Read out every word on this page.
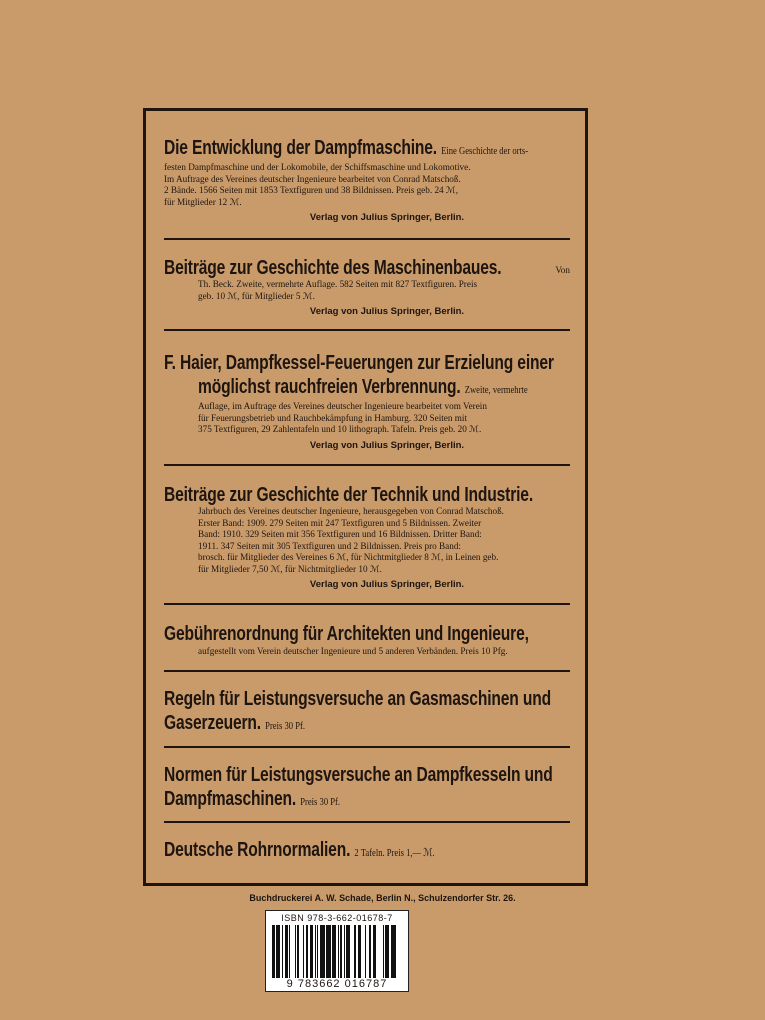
Die Entwicklung der Dampfmaschine. Eine Geschichte der orts-
festen Dampfmaschine und der Lokomobile, der Schiffsmaschine und Lokomotive.
Im Auftrage des Vereines deutscher Ingenieure bearbeitet von Conrad Matschoß.
2 Bände. 1566 Seiten mit 1853 Textfiguren und 38 Bildnissen. Preis geb. 24 ℳ,
für Mitglieder 12 ℳ.
Verlag von Julius Springer, Berlin.
Beiträge zur Geschichte des Maschinenbaues.	Von
Th. Beck. Zweite, vermehrte Auflage. 582 Seiten mit 827 Textfiguren. Preis
geb. 10 ℳ, für Mitglieder 5 ℳ.
Verlag von Julius Springer, Berlin.
F. Haier, Dampfkessel-Feuerungen zur Erzielung einer
möglichst rauchfreien Verbrennung. Zweite, vermehrte
Auflage, im Auftrage des Vereines deutscher Ingenieure bearbeitet vom Verein
für Feuerungsbetrieb und Rauchbekämpfung in Hamburg. 320 Seiten mit
375 Textfiguren, 29 Zahlentafeln und 10 lithograph. Tafeln. Preis geb. 20 ℳ.
Verlag von Julius Springer, Berlin.
Beiträge zur Geschichte der Technik und Industrie.
Jahrbuch des Vereines deutscher Ingenieure, herausgegeben von Conrad Matschoß.
Erster Band: 1909. 279 Seiten mit 247 Textfiguren und 5 Bildnissen. Zweiter
Band: 1910. 329 Seiten mit 356 Textfiguren und 16 Bildnissen. Dritter Band:
1911. 347 Seiten mit 305 Textfiguren und 2 Bildnissen. Preis pro Band:
brosch. für Mitglieder des Vereines 6 ℳ, für Nichtmitglieder 8 ℳ, in Leinen geb.
für Mitglieder 7,50 ℳ, für Nichtmitglieder 10 ℳ.
Verlag von Julius Springer, Berlin.
Gebührenordnung für Architekten und Ingenieure,
aufgestellt vom Verein deutscher Ingenieure und 5 anderen Verbänden. Preis 10 Pfg.
Regeln für Leistungsversuche an Gasmaschinen und
Gaserzeuern. Preis 30 Pf.
Normen für Leistungsversuche an Dampfkesseln und
Dampfmaschinen. Preis 30 Pf.
Deutsche Rohrnormalien. 2 Tafeln. Preis 1,— ℳ.
Buchdruckerei A. W. Schade, Berlin N., Schulzendorfer Str. 26.
ISBN 978-3-662-01678-7
9 783662 016787
